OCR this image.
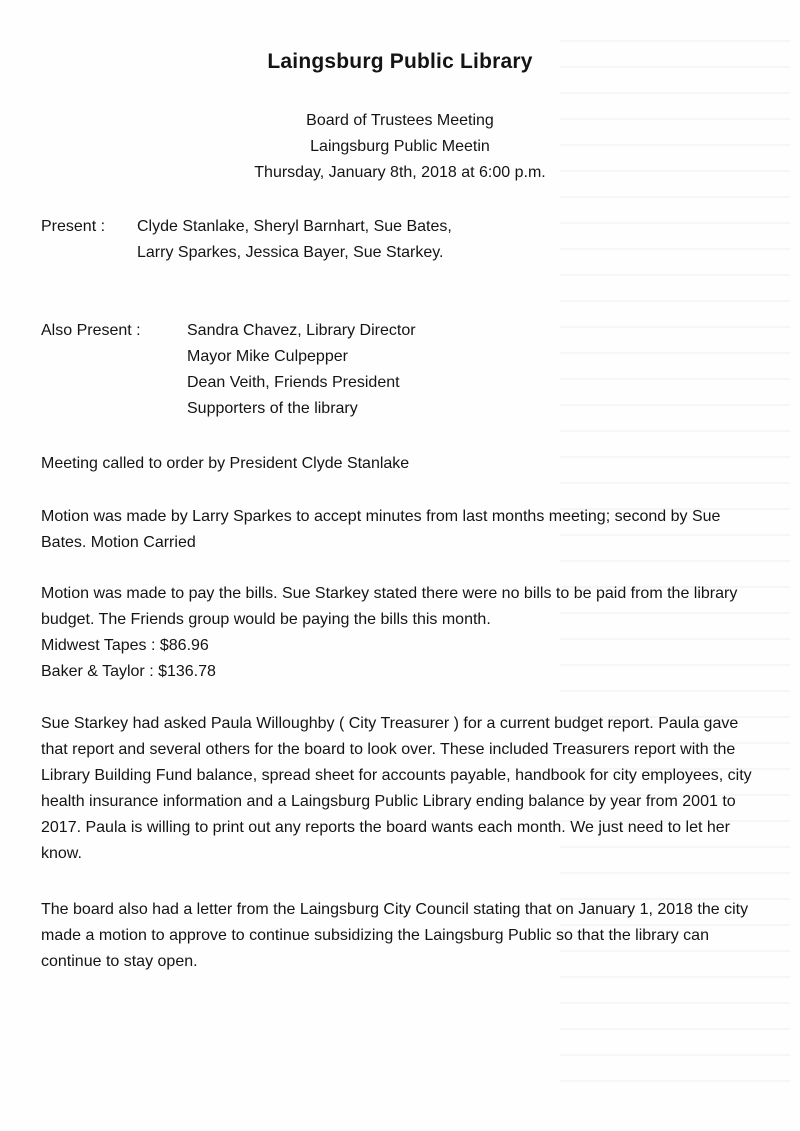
Laingsburg Public Library
Board of Trustees Meeting
Laingsburg Public Meetin
Thursday, January 8th, 2018 at 6:00 p.m.
Present : Clyde Stanlake, Sheryl Barnhart, Sue Bates,
Larry Sparkes, Jessica Bayer, Sue Starkey.
Also Present :	Sandra Chavez, Library Director
Mayor Mike Culpepper
Dean Veith, Friends President
Supporters of the library

Meeting called to order by President Clyde Stanlake

Motion was made by Larry Sparkes to accept minutes from last months meeting; second by Sue Bates. Motion Carried

Motion was made to pay the bills. Sue Starkey stated there were no bills to be paid from the library budget. The Friends group would be paying the bills this month.

Midwest Tapes : $86.96

Baker & Taylor : $136.78

Sue Starkey had asked Paula Willoughby ( City Treasurer ) for a current budget report. Paula gave that report and several others for the board to look over. These included Treasurers report with the Library Building Fund balance, spread sheet for accounts payable, handbook for city employees, city health insurance information and a Laingsburg Public Library ending balance by year from 2001 to 2017. Paula is willing to print out any reports the board wants each month. We just need to let her know.

The board also had a letter from the Laingsburg City Council stating that on January 1, 2018 the city made a motion to approve to continue subsidizing the Laingsburg Public so that the library can continue to stay open.
